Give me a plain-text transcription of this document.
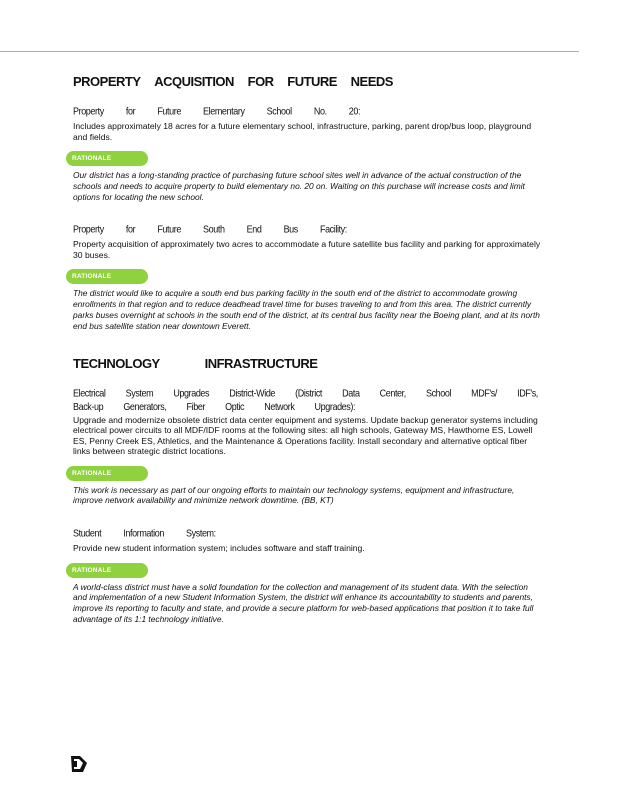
PROPERTY ACQUISITION FOR FUTURE NEEDS
Property for Future Elementary School No. 20:
Includes approximately 18 acres for a future elementary school, infrastructure, parking, parent drop/bus loop, playground and fields.
RATIONALE

Our district has a long-standing practice of purchasing future school sites well in advance of the actual construction of the schools and needs to acquire property to build elementary no. 20 on. Waiting on this purchase will increase costs and limit options for locating the new school.

Property for Future South End Bus Facility:
Property acquisition of approximately two acres to accommodate a future satellite bus facility and parking for approximately 30 buses.
RATIONALE

The district would like to acquire a south end bus parking facility in the south end of the district to accommodate growing enrollments in that region and to reduce deadhead travel time for buses traveling to and from this area. The district currently parks buses overnight at schools in the south end of the district, at its central bus facility near the Boeing plant, and at its north end bus satellite station near downtown Everett.

TECHNOLOGY INFRASTRUCTURE
Electrical System Upgrades District-Wide (District Data Center, School MDF's/ IDF's, Back-up Generators, Fiber Optic Network Upgrades):
Upgrade and modernize obsolete district data center equipment and systems. Update backup generator systems including electrical power circuits to all MDF/IDF rooms at the following sites: all high schools, Gateway MS, Hawthorne ES, Lowell ES, Penny Creek ES, Athletics, and the Maintenance & Operations facility. Install secondary and alternative optical fiber links between strategic district locations.
RATIONALE

This work is necessary as part of our ongoing efforts to maintain our technology systems, equipment and infrastructure, improve network availability and minimize network downtime. (BB, KT)

Student Information System:
Provide new student information system; includes software and staff training.
RATIONALE

A world-class district must have a solid foundation for the collection and management of its student data. With the selection and implementation of a new Student Information System, the district will enhance its accountability to students and parents, improve its reporting to faculty and state, and provide a secure platform for web-based applications that position it to take full advantage of its 1:1 technology initiative.
